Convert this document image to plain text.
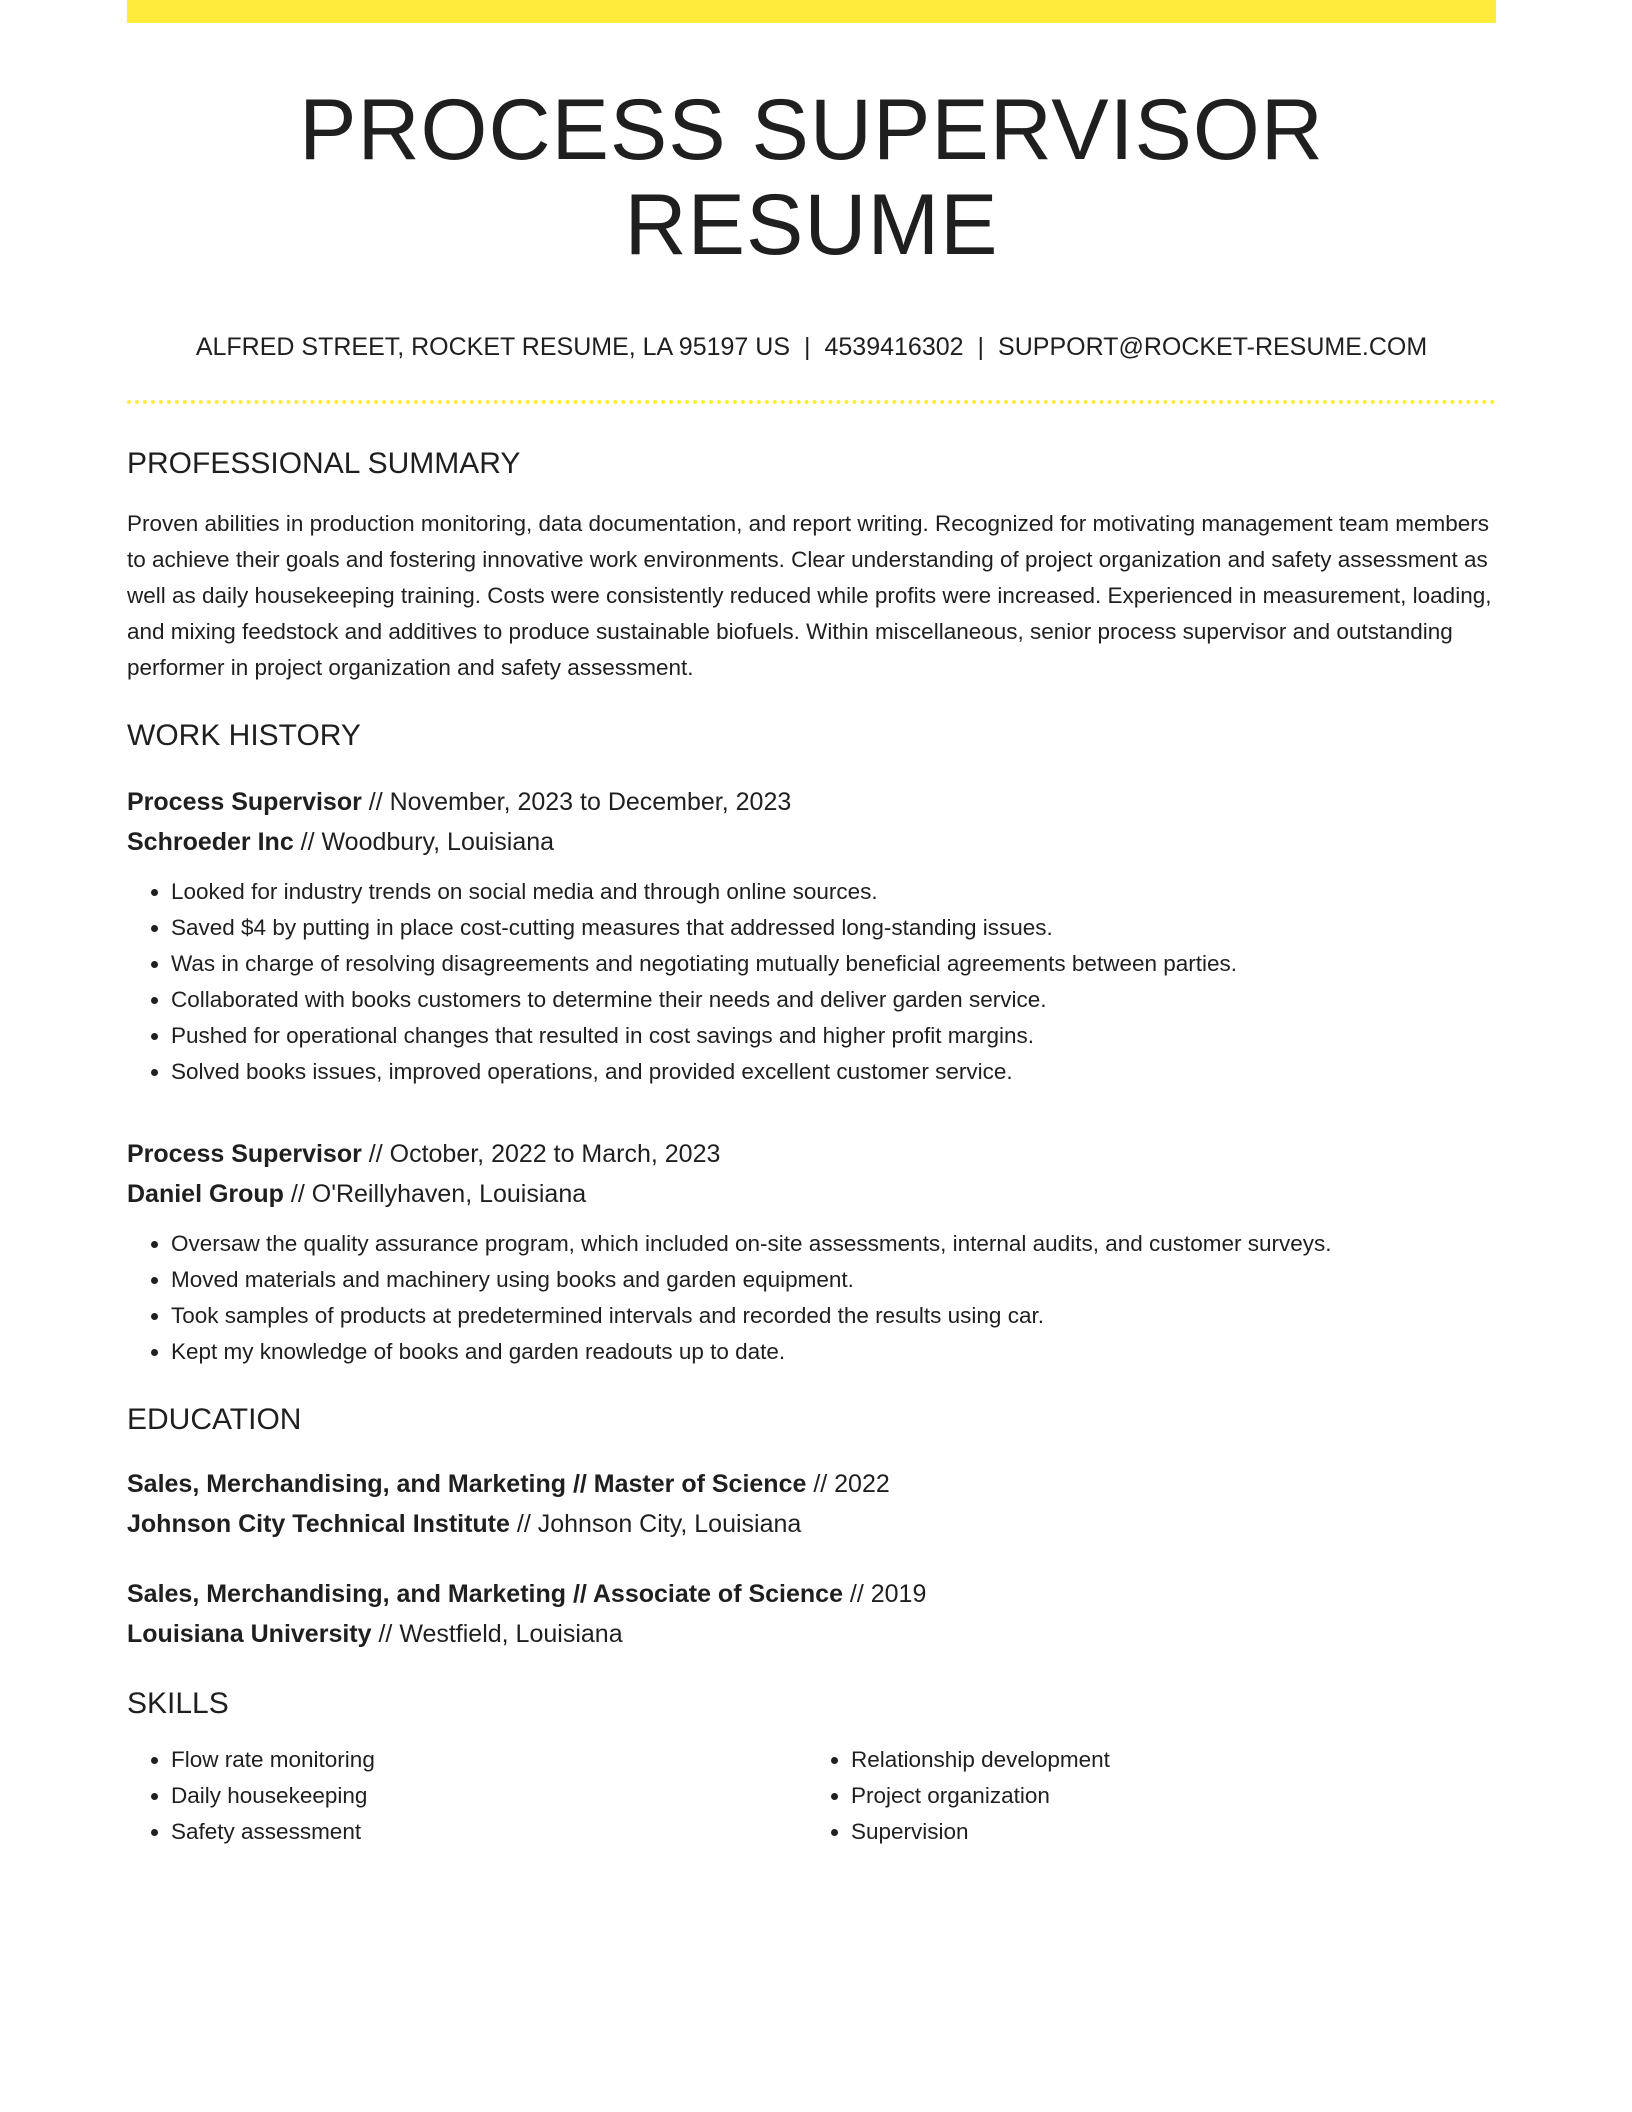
PROCESS SUPERVISOR RESUME
ALFRED STREET, ROCKET RESUME, LA 95197 US | 4539416302 | SUPPORT@ROCKET-RESUME.COM
PROFESSIONAL SUMMARY
Proven abilities in production monitoring, data documentation, and report writing. Recognized for motivating management team members to achieve their goals and fostering innovative work environments. Clear understanding of project organization and safety assessment as well as daily housekeeping training. Costs were consistently reduced while profits were increased. Experienced in measurement, loading, and mixing feedstock and additives to produce sustainable biofuels. Within miscellaneous, senior process supervisor and outstanding performer in project organization and safety assessment.
WORK HISTORY
Process Supervisor // November, 2023 to December, 2023
Schroeder Inc // Woodbury, Louisiana
• Looked for industry trends on social media and through online sources.
• Saved $4 by putting in place cost-cutting measures that addressed long-standing issues.
• Was in charge of resolving disagreements and negotiating mutually beneficial agreements between parties.
• Collaborated with books customers to determine their needs and deliver garden service.
• Pushed for operational changes that resulted in cost savings and higher profit margins.
• Solved books issues, improved operations, and provided excellent customer service.
Process Supervisor // October, 2022 to March, 2023
Daniel Group // O'Reillyhaven, Louisiana
• Oversaw the quality assurance program, which included on-site assessments, internal audits, and customer surveys.
• Moved materials and machinery using books and garden equipment.
• Took samples of products at predetermined intervals and recorded the results using car.
• Kept my knowledge of books and garden readouts up to date.
EDUCATION
Sales, Merchandising, and Marketing // Master of Science // 2022
Johnson City Technical Institute // Johnson City, Louisiana
Sales, Merchandising, and Marketing // Associate of Science // 2019
Louisiana University // Westfield, Louisiana
SKILLS
• Flow rate monitoring
• Daily housekeeping
• Safety assessment
• Relationship development
• Project organization
• Supervision
